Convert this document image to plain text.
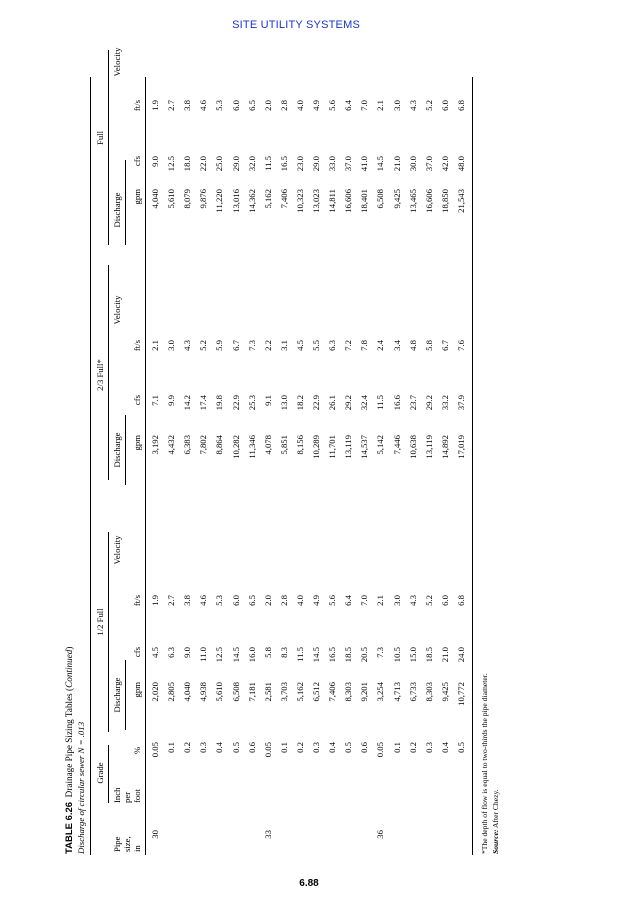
SITE UTILITY SYSTEMS
TABLE 6.26  Drainage Pipe Sizing Tables (Continued)
Discharge of circular sewer N = .013 Grade
1/2 Full
2/3 Full*
Full
Pipe size, in
Inch per foot
%
Discharge
Velocity
Discharge
Velocity
Discharge
Velocity
gpm
cfs
ft/s
gpm
cfs
ft/s
gpm
cfs
ft/s
30
0.05
2,020
4.5
1.9
3,192
7.1
2.1
4,040
9.0
1.9
0.1
2,805
6.3
2.7
4,432
9.9
3.0
5,610
12.5
2.7
0.2
4,040
9.0
3.8
6,383
14.2
4.3
8,079
18.0
3.8
0.3
4,938
11.0
4.6
7,802
17.4
5.2
9,876
22.0
4.6
0.4
5,610
12.5
5.3
8,864
19.8
5.9
11,220
25.0
5.3
0.5
6,508
14.5
6.0
10,282
22.9
6.7
13,016
29.0
6.0
0.6
7,181
16.0
6.5
11,346
25.3
7.3
14,362
32.0
6.5
33
0.05
2,581
5.8
2.0
4,078
9.1
2.2
5,162
11.5
2.0
0.1
3,703
8.3
2.8
5,851
13.0
3.1
7,406
16.5
2.8
0.2
5,162
11.5
4.0
8,156
18.2
4.5
10,323
23.0
4.0
0.3
6,512
14.5
4.9
10,289
22.9
5.5
13,023
29.0
4.9
0.4
7,406
16.5
5.6
11,701
26.1
6.3
14,811
33.0
5.6
0.5
8,303
18.5
6.4
13,119
29.2
7.2
16,606
37.0
6.4
0.6
9,201
20.5
7.0
14,537
32.4
7.8
18,401
41.0
7.0
36
0.05
3,254
7.3
2.1
5,142
11.5
2.4
6,508
14.5
2.1
0.1
4,713
10.5
3.0
7,446
16.6
3.4
9,425
21.0
3.0
0.2
6,733
15.0
4.3
10,638
23.7
4.8
13,465
30.0
4.3
0.3
8,303
18.5
5.2
13,119
29.2
5.8
16,606
37.0
5.2
0.4
9,425
21.0
6.0
14,892
33.2
6.7
18,850
42.0
6.0
0.5
10,772
24.0
6.8
17,019
37.9
7.6
21,543
48.0
6.8
*The depth of flow is equal to two-thirds the pipe diameter. Source: After Chezy.
6.88
